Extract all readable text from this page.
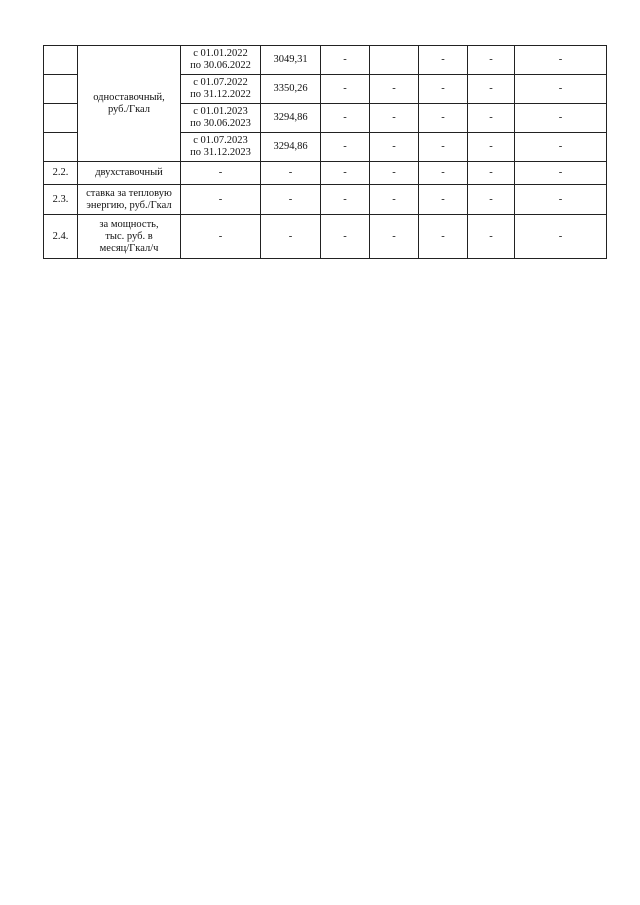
	одноставочный,
руб./Гкал	с 01.01.2022
по 30.06.2022	3049,31	-		-	-	-
		с 01.07.2022
по 31.12.2022	3350,26	-	-	-	-	-
		с 01.01.2023
по 30.06.2023	3294,86	-	-	-	-	-
		с 01.07.2023
по 31.12.2023	3294,86	-	-	-	-	-
2.2.	двухставочный	-	-	-	-	-	-	-
2.3.	ставка за тепловую
энергию, руб./Гкал	-	-	-	-	-	-	-
2.4.	за мощность,
тыс. руб. в
месяц/Гкал/ч	-	-	-	-	-	-	-
